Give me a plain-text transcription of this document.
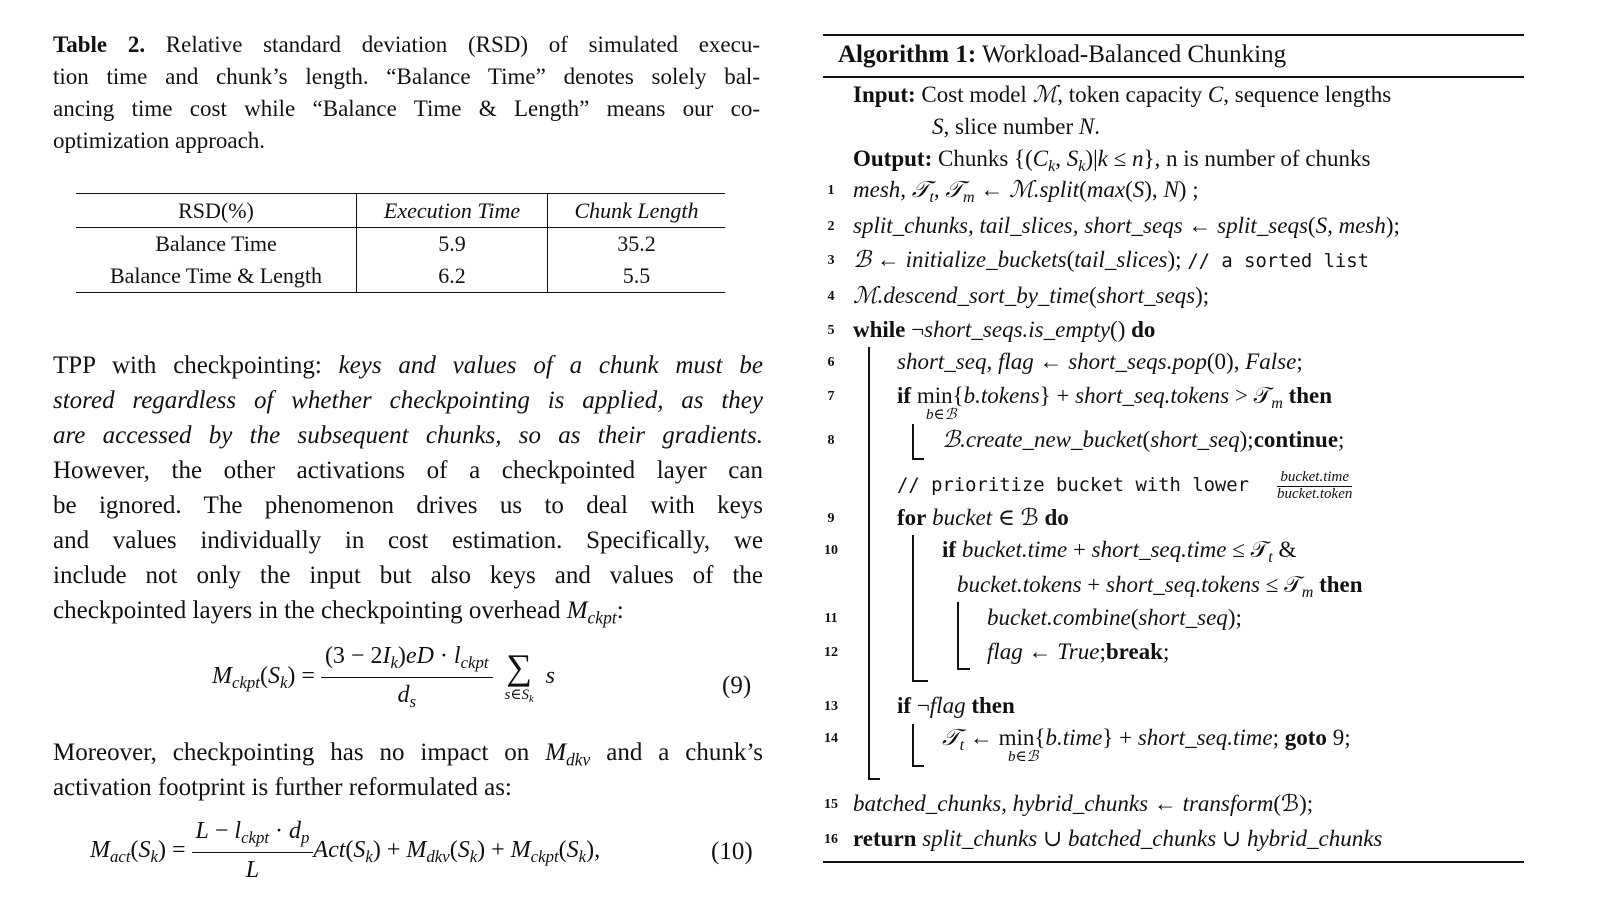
Table 2. Relative standard deviation (RSD) of simulated execu-
tion time and chunk’s length. “Balance Time” denotes solely bal-
ancing time cost while “Balance Time & Length” means our co-
optimization approach.
RSD(%)	Execution Time	Chunk Length
Balance Time	5.9	35.2
Balance Time & Length	6.2	5.5
TPP with checkpointing: keys and values of a chunk must be
stored regardless of whether checkpointing is applied, as they
are accessed by the subsequent chunks, so as their gradients.
However, the other activations of a checkpointed layer can
be ignored. The phenomenon drives us to deal with keys
and values individually in cost estimation. Specifically, we
include not only the input but also keys and values of the
checkpointed layers in the checkpointing overhead $M_{ckpt}$:
$M_{ckpt}(S_k) = \frac{(3 - 2I_k)eD \cdot l_{ckpt}}{d_s}$
∑
$s\in S_k$
s	(9)
Moreover, checkpointing has no impact on $M_{dkv}$ and a chunk’s
activation footprint is further reformulated as:
$M_{act}(S_k) = \frac{L - l_{ckpt} \cdot d_p}{L} Act(S_k) + M_{dkv}(S_k) + M_{ckpt}(S_k)$,	(10)
Algorithm 1: Workload-Balanced Chunking
Input: Cost model ℳ, token capacity C, sequence lengths
S, slice number N.
Output: Chunks {($C_k$, $S_k)|k \le n$}, n is number of chunks
1 mesh, 𝒯$_t$, 𝒯$_m$ ← ℳ.split(max(S), N) ;
2 split_chunks, tail_slices, short_seqs ← split_seqs(S, mesh);
3 ℬ ← initialize_buckets(tail_slices); // a sorted list
4 ℳ.descend_sort_by_time(short_seqs);
5 while ¬short_seqs.is_empty() do
6	short_seq, flag ← short_seqs.pop(0), False;
7	if min{b.tokens} + short_seq.tokens > 𝒯$_m$ then
8	ℬ.create_new_bucket(short_seq);continue;
// prioritize bucket with lower
9	for bucket ∈ ℬ do
10	if bucket.time + short_seq.time ≤ 𝒯$_t$ &
bucket.tokens + short_seq.tokens ≤ 𝒯$_m$ then
11	bucket.combine(short_seq);
12	flag ← True;break;
13	if ¬flag then
14	𝒯$_t$ ← min{b.time} + short_seq.time; goto 9;
15 batched_chunks, hybrid_chunks ← transform(ℬ);
16 return split_chunks ∪ batched_chunks ∪ hybrid_chunks
bucket.time
bucket.token
b∈ℬ
b∈ℬ
